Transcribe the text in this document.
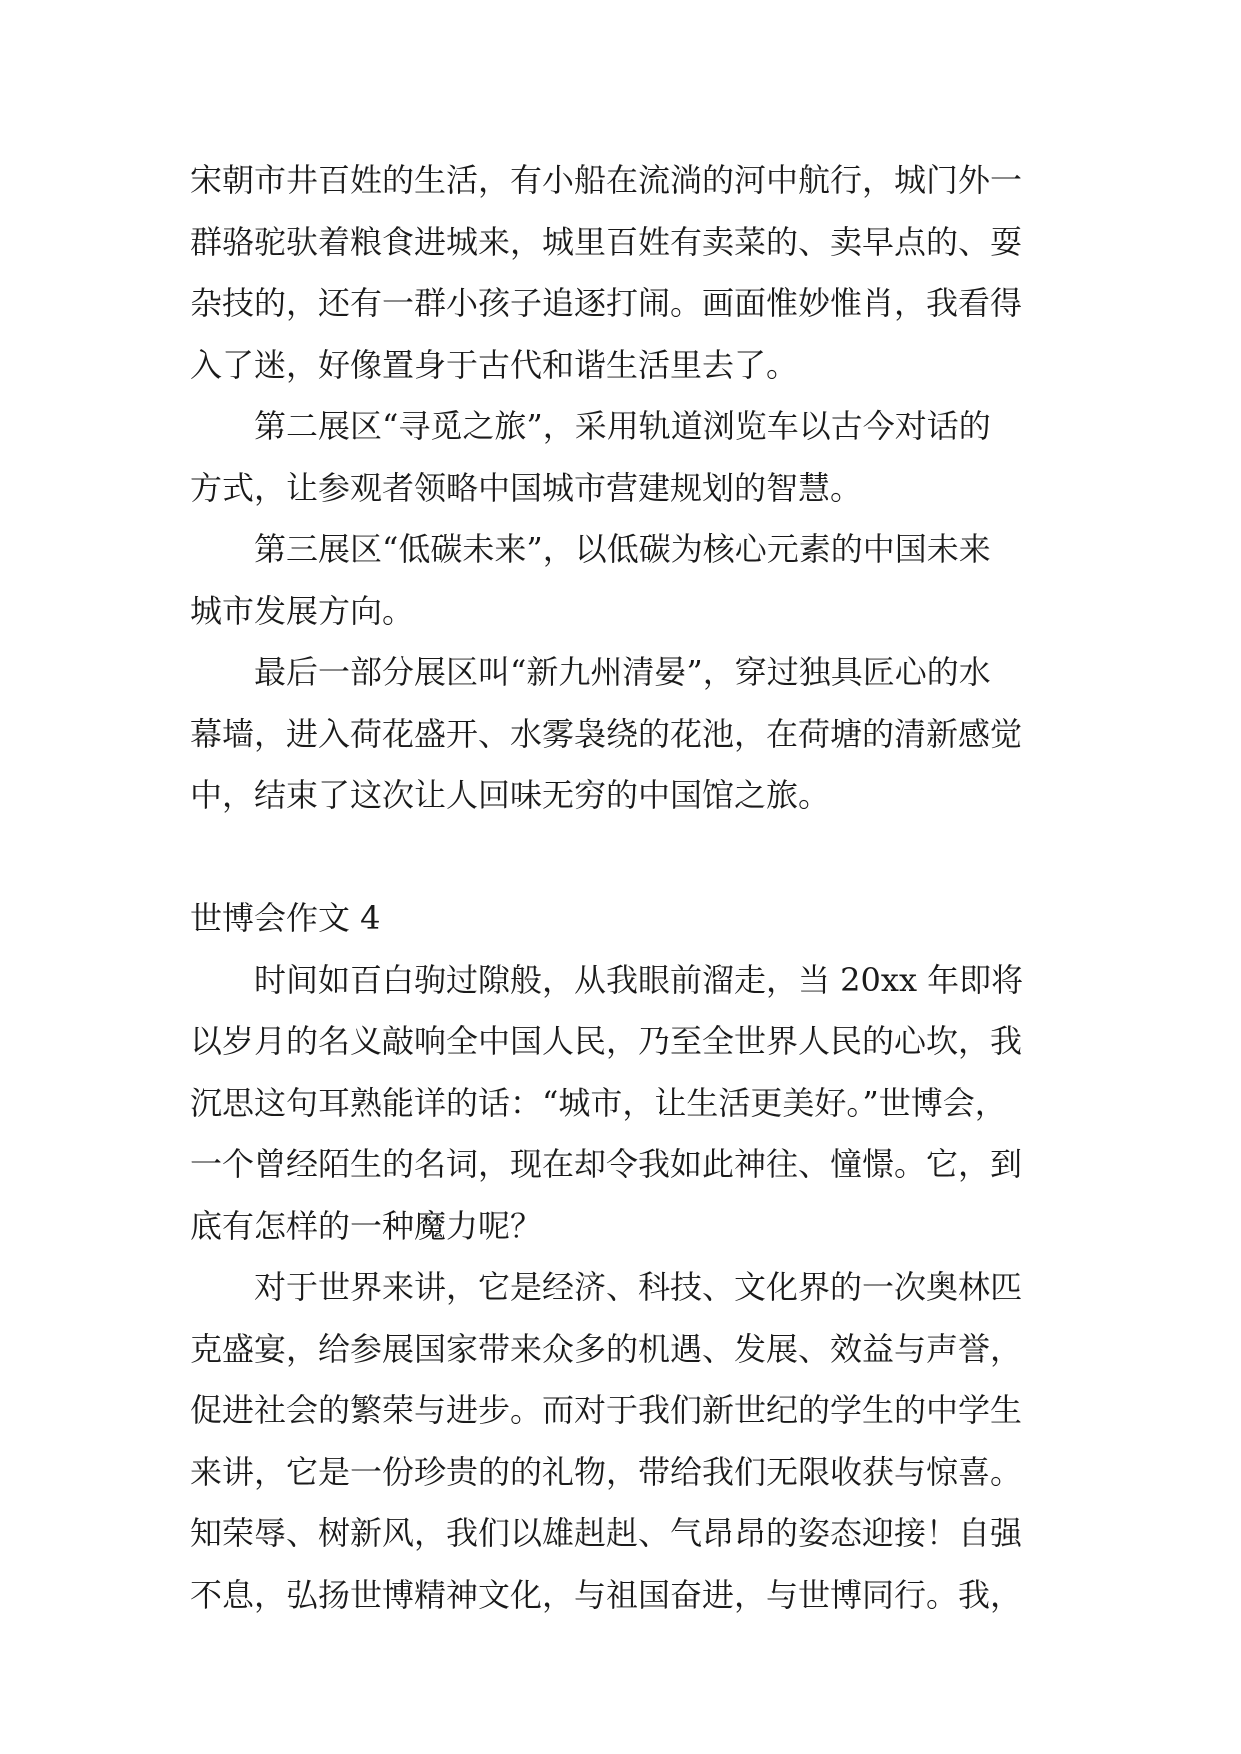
宋朝市井百姓的生活，有小船在流淌的河中航行，城门外一
群骆驼驮着粮食进城来，城里百姓有卖菜的、卖早点的、耍
杂技的，还有一群小孩子追逐打闹。画面惟妙惟肖，我看得
入了迷，好像置身于古代和谐生活里去了。
第二展区“寻觅之旅”，采用轨道浏览车以古今对话的
方式，让参观者领略中国城市营建规划的智慧。
第三展区“低碳未来”，以低碳为核心元素的中国未来
城市发展方向。
最后一部分展区叫“新九州清晏”，穿过独具匠心的水
幕墙，进入荷花盛开、水雾袅绕的花池，在荷塘的清新感觉
中，结束了这次让人回味无穷的中国馆之旅。
世博会作文 4
时间如百白驹过隙般，从我眼前溜走，当 20xx 年即将
以岁月的名义敲响全中国人民，乃至全世界人民的心坎，我
沉思这句耳熟能详的话：“城市，让生活更美好。”世博会，
一个曾经陌生的名词，现在却令我如此神往、憧憬。它，到
底有怎样的一种魔力呢？
对于世界来讲，它是经济、科技、文化界的一次奥林匹
克盛宴，给参展国家带来众多的机遇、发展、效益与声誉，
促进社会的繁荣与进步。而对于我们新世纪的学生的中学生
来讲，它是一份珍贵的的礼物，带给我们无限收获与惊喜。
知荣辱、树新风，我们以雄赳赳、气昂昂的姿态迎接！自强
不息，弘扬世博精神文化，与祖国奋进，与世博同行。我，
